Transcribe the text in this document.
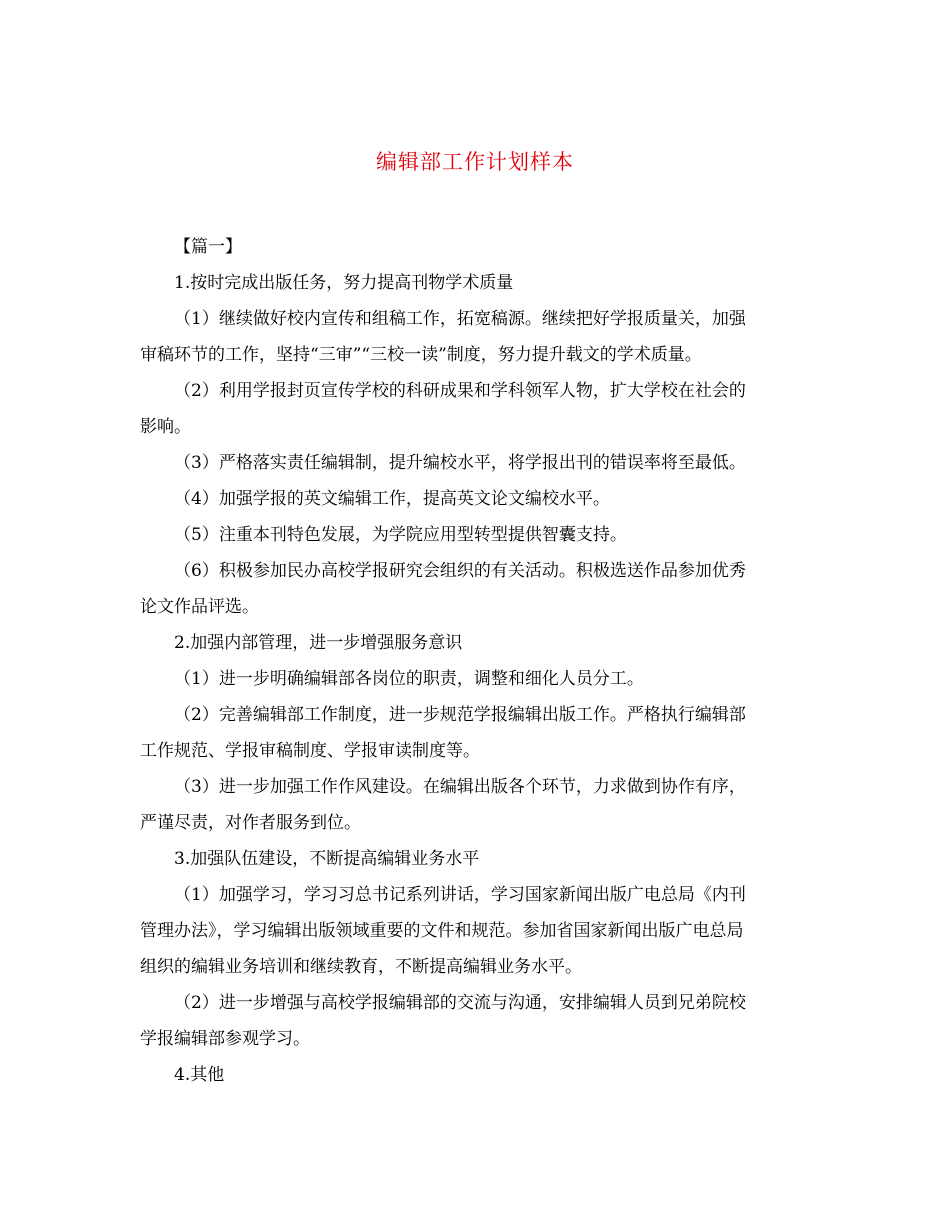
编辑部工作计划样本

【篇一】

1.按时完成出版任务，努力提高刊物学术质量

（1）继续做好校内宣传和组稿工作，拓宽稿源。继续把好学报质量关，加强

审稿环节的工作，坚持“三审”“三校一读”制度，努力提升载文的学术质量。

（2）利用学报封页宣传学校的科研成果和学科领军人物，扩大学校在社会的

影响。

（3）严格落实责任编辑制，提升编校水平，将学报出刊的错误率将至最低。

（4）加强学报的英文编辑工作，提高英文论文编校水平。

（5）注重本刊特色发展，为学院应用型转型提供智囊支持。

（6）积极参加民办高校学报研究会组织的有关活动。积极选送作品参加优秀

论文作品评选。

2.加强内部管理，进一步增强服务意识

（1）进一步明确编辑部各岗位的职责，调整和细化人员分工。

（2）完善编辑部工作制度，进一步规范学报编辑出版工作。严格执行编辑部

工作规范、学报审稿制度、学报审读制度等。

（3）进一步加强工作作风建设。在编辑出版各个环节，力求做到协作有序，

严谨尽责，对作者服务到位。

3.加强队伍建设，不断提高编辑业务水平

（1）加强学习，学习习总书记系列讲话，学习国家新闻出版广电总局《内刊

管理办法》，学习编辑出版领域重要的文件和规范。参加省国家新闻出版广电总局

组织的编辑业务培训和继续教育，不断提高编辑业务水平。

（2）进一步增强与高校学报编辑部的交流与沟通，安排编辑人员到兄弟院校

学报编辑部参观学习。

4.其他
